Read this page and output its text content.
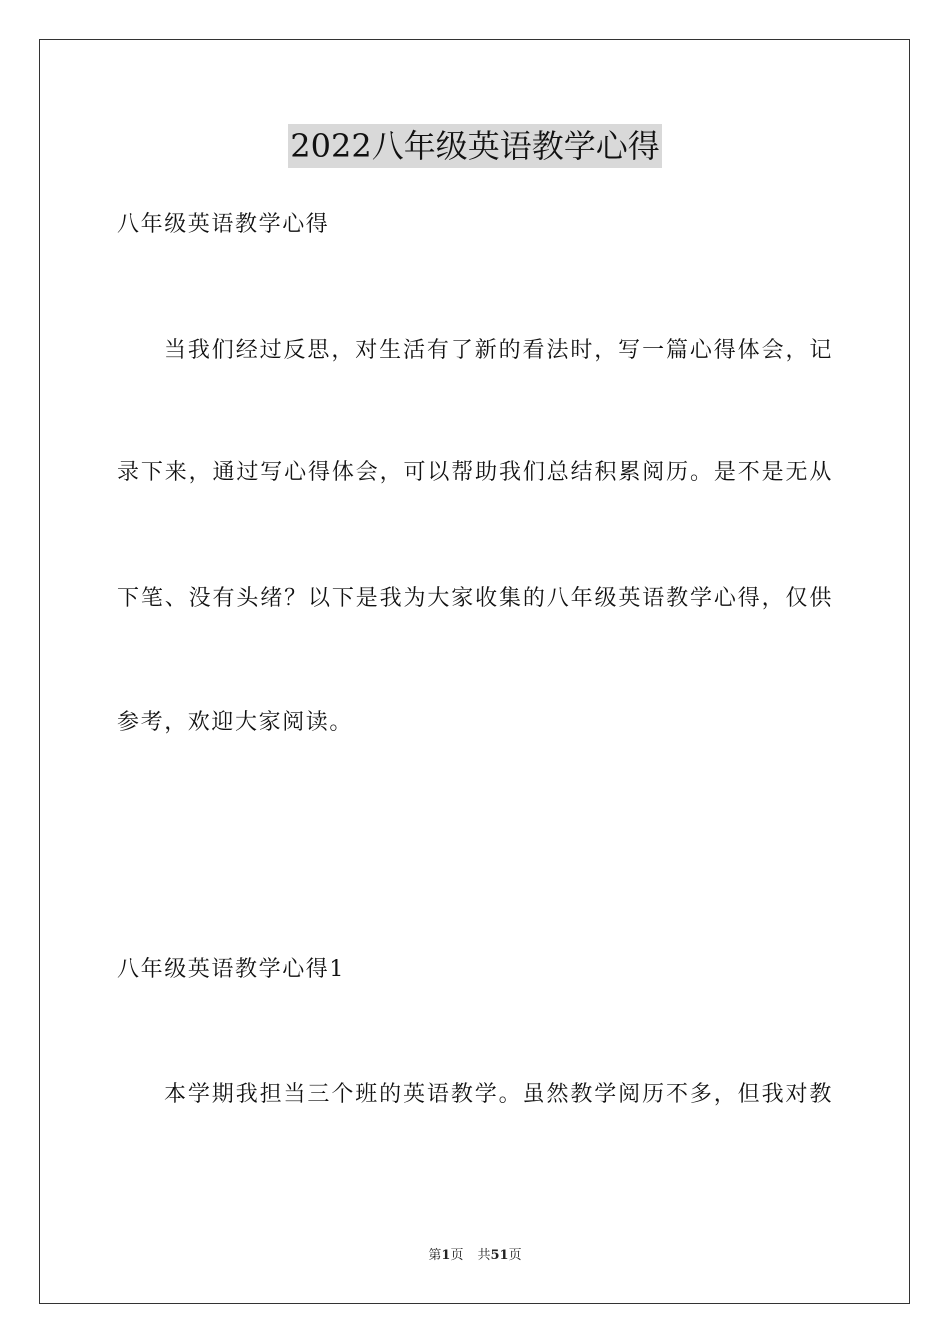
2022八年级英语教学心得
八年级英语教学心得
当我们经过反思，对生活有了新的看法时，写一篇心得体会，记
录下来，通过写心得体会，可以帮助我们总结积累阅历。是不是无从
下笔、没有头绪？以下是我为大家收集的八年级英语教学心得，仅供
参考，欢迎大家阅读。
八年级英语教学心得1
本学期我担当三个班的英语教学。虽然教学阅历不多，但我对教
第1页 共51页
